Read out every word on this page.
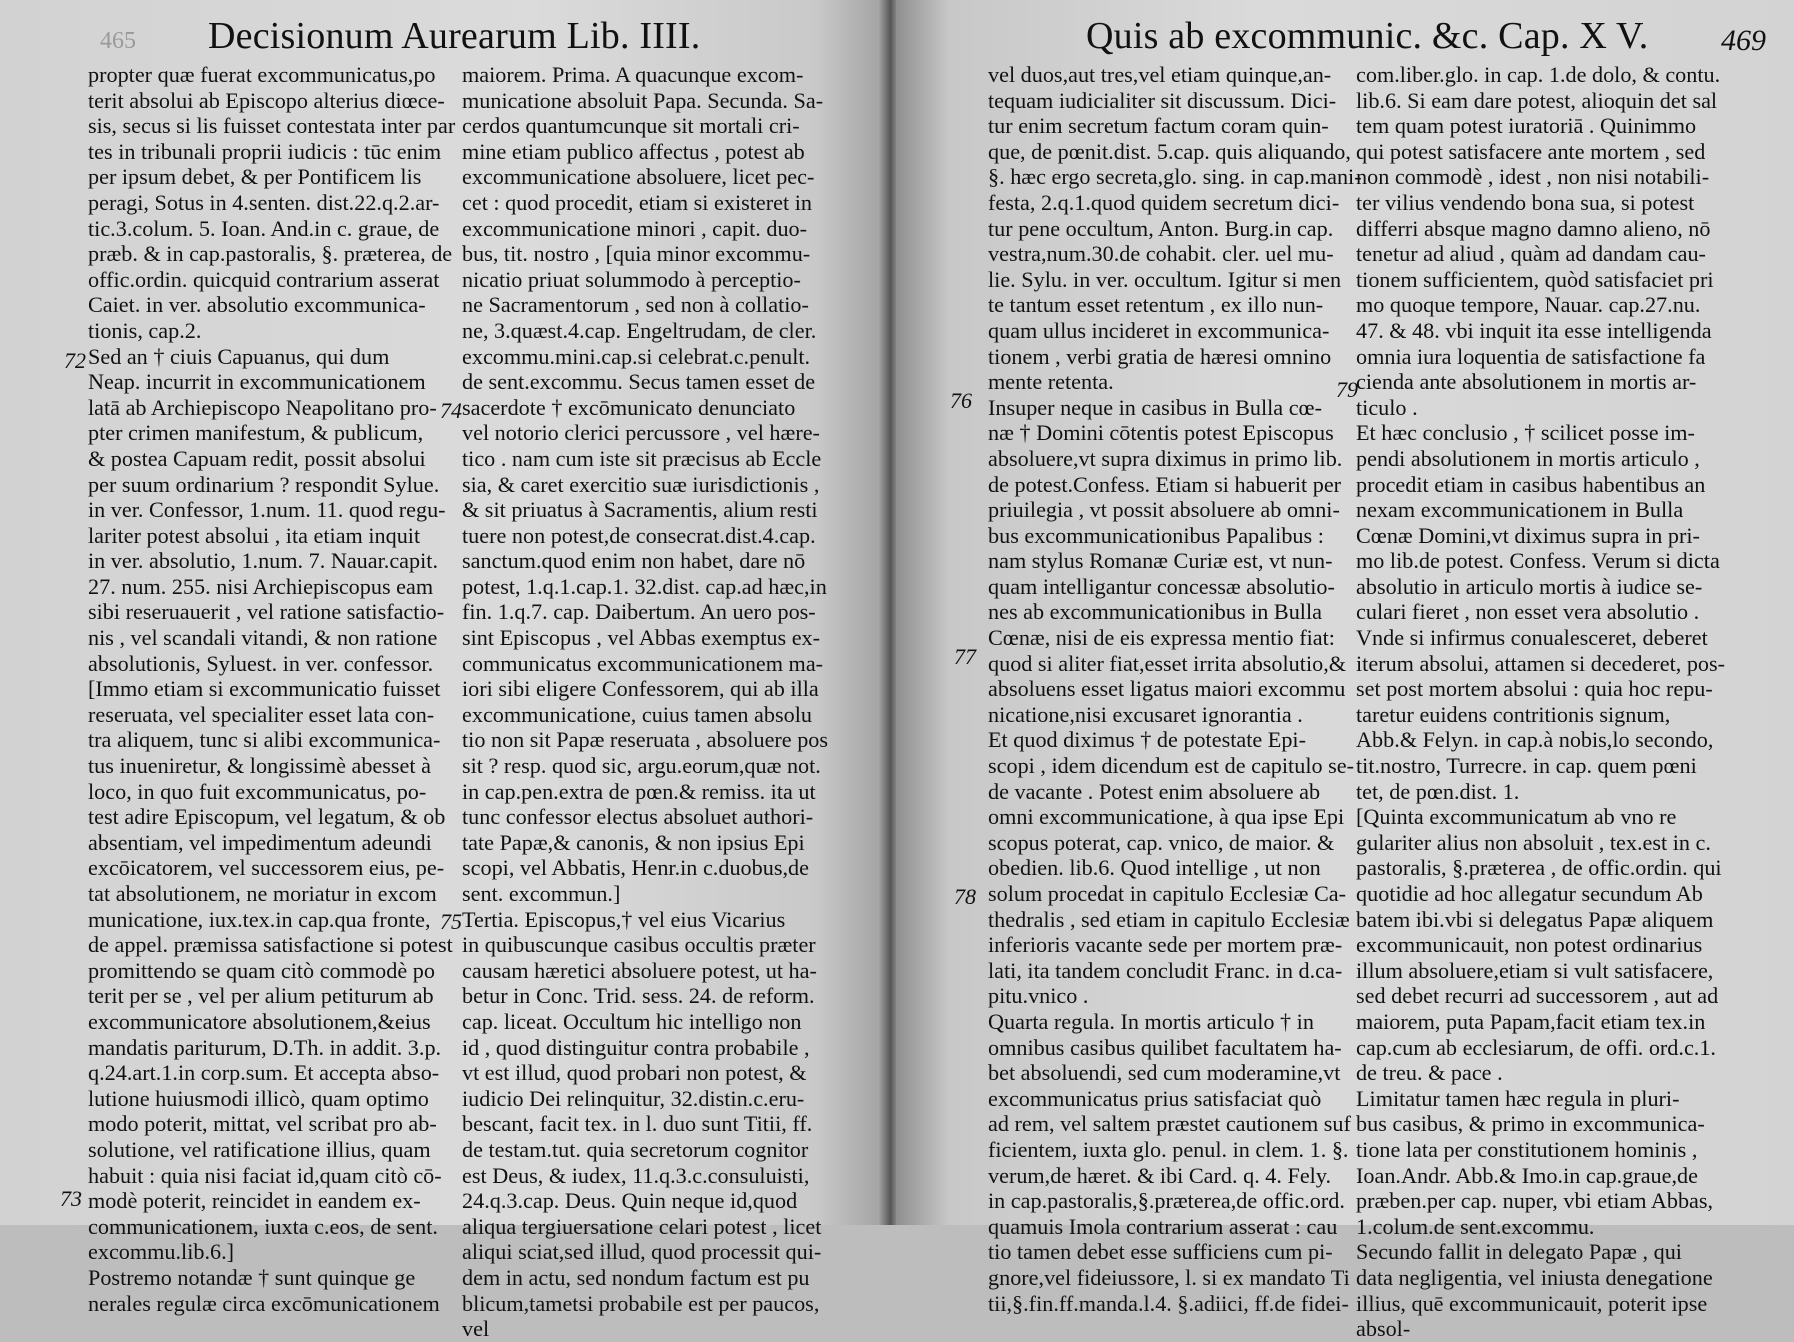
465 Decisionum Aurearum Lib. IIII.
propter quæ fuerat excommunicatus,po
terit absolui ab Episcopo alterius diœce-
sis, secus si lis fuisset contestata inter par
tes in tribunali proprii iudicis : tūc enim
per ipsum debet, & per Pontificem lis
peragi, Sotus in 4.senten. dist.22.q.2.ar-
tic.3.colum. 5. Ioan. And.in c. graue, de
præb. & in cap.pastoralis, §. præterea, de
offic.ordin. quicquid contrarium asserat
Caiet. in ver. absolutio excommunica-
tionis, cap.2.
Sed an † ciuis Capuanus, qui dum
Neap. incurrit in excommunicationem
latā ab Archiepiscopo Neapolitano pro-
pter crimen manifestum, & publicum,
& postea Capuam redit, possit absolui
per suum ordinarium ? respondit Sylue.
in ver. Confessor, 1.num. 11. quod regu-
lariter potest absolui , ita etiam inquit
in ver. absolutio, 1.num. 7. Nauar.capit.
27. num. 255. nisi Archiepiscopus eam
sibi reseruauerit , vel ratione satisfactio-
nis , vel scandali vitandi, & non ratione
absolutionis, Syluest. in ver. confessor.
[Immo etiam si excommunicatio fuisset
reseruata, vel specialiter esset lata con-
tra aliquem, tunc si alibi excommunica-
tus inueniretur, & longissimè abesset à
loco, in quo fuit excommunicatus, po-
test adire Episcopum, vel legatum, & ob
absentiam, vel impedimentum adeundi
excōicatorem, vel successorem eius, pe-
tat absolutionem, ne moriatur in excom
municatione, iux.tex.in cap.qua fronte,
de appel. præmissa satisfactione si potest
promittendo se quam citò commodè po
terit per se , vel per alium petiturum ab
excommunicatore absolutionem,&eius
mandatis pariturum, D.Th. in addit. 3.p.
q.24.art.1.in corp.sum. Et accepta abso-
lutione huiusmodi illicò, quam optimo
modo poterit, mittat, vel scribat pro ab-
solutione, vel ratificatione illius, quam
habuit : quia nisi faciat id,quam citò cō-
modè poterit, reincidet in eandem ex-
communicationem, iuxta c.eos, de sent.
excommu.lib.6.]
Postremo notandæ † sunt quinque ge
nerales regulæ circa excōmunicationem
maiorem. Prima. A quacunque excom-
municatione absoluit Papa. Secunda. Sa-
cerdos quantumcunque sit mortali cri-
mine etiam publico affectus , potest ab
excommunicatione absoluere, licet pec-
cet : quod procedit, etiam si existeret in
excommunicatione minori , capit. duo-
bus, tit. nostro , [quia minor excommu-
nicatio priuat solummodo à perceptio-
ne Sacramentorum , sed non à collatio-
ne, 3.quæst.4.cap. Engeltrudam, de cler.
excommu.mini.cap.si celebrat.c.penult.
de sent.excommu. Secus tamen esset de
sacerdote † excōmunicato denunciato
vel notorio clerici percussore , vel hære-
tico . nam cum iste sit præcisus ab Eccle
sia, & caret exercitio suæ iurisdictionis ,
& sit priuatus à Sacramentis, alium resti
tuere non potest,de consecrat.dist.4.cap.
sanctum.quod enim non habet, dare nō
potest, 1.q.1.cap.1. 32.dist. cap.ad hæc,in
fin. 1.q.7. cap. Daibertum. An uero pos-
sint Episcopus , vel Abbas exemptus ex-
communicatus excommunicationem ma-
iori sibi eligere Confessorem, qui ab illa
excommunicatione, cuius tamen absolu
tio non sit Papæ reseruata , absoluere pos
sit ? resp. quod sic, argu.eorum,quæ not.
in cap.pen.extra de pœn.& remiss. ita ut
tunc confessor electus absoluet authori-
tate Papæ,& canonis, & non ipsius Epi
scopi, vel Abbatis, Henr.in c.duobus,de
sent. excommun.]
Tertia. Episcopus,† vel eius Vicarius
in quibuscunque casibus occultis præter
causam hæretici absoluere potest, ut ha-
betur in Conc. Trid. sess. 24. de reform.
cap. liceat. Occultum hic intelligo non
id , quod distinguitur contra probabile ,
vt est illud, quod probari non potest, &
iudicio Dei relinquitur, 32.distin.c.eru-
bescant, facit tex. in l. duo sunt Titii, ff.
de testam.tut. quia secretorum cognitor
est Deus, & iudex, 11.q.3.c.consuluisti,
24.q.3.cap. Deus. Quin neque id,quod
aliqua tergiuersatione celari potest , licet
aliqui sciat,sed illud, quod processit qui-
dem in actu, sed nondum factum est pu
blicum,tametsi probabile est per paucos,
vel
72
73
74
75
Quis ab excommunic. &c. Cap. X V. 469
vel duos,aut tres,vel etiam quinque,an-
tequam iudicialiter sit discussum. Dici-
tur enim secretum factum coram quin-
que, de pœnit.dist. 5.cap. quis aliquando,
§. hæc ergo secreta,glo. sing. in cap.mani-
festa, 2.q.1.quod quidem secretum dici-
tur pene occultum, Anton. Burg.in cap.
vestra,num.30.de cohabit. cler. uel mu-
lie. Sylu. in ver. occultum. Igitur si men
te tantum esset retentum , ex illo nun-
quam ullus incideret in excommunica-
tionem , verbi gratia de hæresi omnino
mente retenta.
Insuper neque in casibus in Bulla cœ-
næ † Domini cōtentis potest Episcopus
absoluere,vt supra diximus in primo lib.
de potest.Confess. Etiam si habuerit per
priuilegia , vt possit absoluere ab omni-
bus excommunicationibus Papalibus :
nam stylus Romanæ Curiæ est, vt nun-
quam intelligantur concessæ absolutio-
nes ab excommunicationibus in Bulla
Cœnæ, nisi de eis expressa mentio fiat:
quod si aliter fiat,esset irrita absolutio,&
absoluens esset ligatus maiori excommu
nicatione,nisi excusaret ignorantia .
Et quod diximus † de potestate Epi-
scopi , idem dicendum est de capitulo se-
de vacante . Potest enim absoluere ab
omni excommunicatione, à qua ipse Epi
scopus poterat, cap. vnico, de maior. &
obedien. lib.6. Quod intellige , ut non
solum procedat in capitulo Ecclesiæ Ca-
thedralis , sed etiam in capitulo Ecclesiæ
inferioris vacante sede per mortem præ-
lati, ita tandem concludit Franc. in d.ca-
pitu.vnico .
Quarta regula. In mortis articulo † in
omnibus casibus quilibet facultatem ha-
bet absoluendi, sed cum moderamine,vt
excommunicatus prius satisfaciat quò
ad rem, vel saltem præstet cautionem suf
ficientem, iuxta glo. penul. in clem. 1. §.
verum,de hæret. & ibi Card. q. 4. Fely.
in cap.pastoralis,§.præterea,de offic.ord.
quamuis Imola contrarium asserat : cau
tio tamen debet esse sufficiens cum pi-
gnore,vel fideiussore, l. si ex mandato Ti
tii,§.fin.ff.manda.l.4. §.adiici, ff.de fidei-
com.liber.glo. in cap. 1.de dolo, & contu.
lib.6. Si eam dare potest, alioquin det sal
tem quam potest iuratoriā . Quinimmo
qui potest satisfacere ante mortem , sed
non commodè , idest , non nisi notabili-
ter vilius vendendo bona sua, si potest
differri absque magno damno alieno, nō
tenetur ad aliud , quàm ad dandam cau-
tionem sufficientem, quòd satisfaciet pri
mo quoque tempore, Nauar. cap.27.nu.
47. & 48. vbi inquit ita esse intelligenda
omnia iura loquentia de satisfactione fa
cienda ante absolutionem in mortis ar-
ticulo .
Et hæc conclusio , † scilicet posse im-
pendi absolutionem in mortis articulo ,
procedit etiam in casibus habentibus an
nexam excommunicationem in Bulla
Cœnæ Domini,vt diximus supra in pri-
mo lib.de potest. Confess. Verum si dicta
absolutio in articulo mortis à iudice se-
culari fieret , non esset vera absolutio .
Vnde si infirmus conualesceret, deberet
iterum absolui, attamen si decederet, pos-
set post mortem absolui : quia hoc repu-
taretur euidens contritionis signum,
Abb.& Felyn. in cap.à nobis,lo secondo,
tit.nostro, Turrecre. in cap. quem pœni
tet, de pœn.dist. 1.
[Quinta excommunicatum ab vno re
gulariter alius non absoluit , tex.est in c.
pastoralis, §.præterea , de offic.ordin. qui
quotidie ad hoc allegatur secundum Ab
batem ibi.vbi si delegatus Papæ aliquem
excommunicauit, non potest ordinarius
illum absoluere,etiam si vult satisfacere,
sed debet recurri ad successorem , aut ad
maiorem, puta Papam,facit etiam tex.in
cap.cum ab ecclesiarum, de offi. ord.c.1.
de treu. & pace .
Limitatur tamen hæc regula in pluri-
bus casibus, & primo in excommunica-
tione lata per constitutionem hominis ,
Ioan.Andr. Abb.& Imo.in cap.graue,de
præben.per cap. nuper, vbi etiam Abbas,
1.colum.de sent.excommu.
Secundo fallit in delegato Papæ , qui
data negligentia, vel iniusta denegatione
illius, quē excommunicauit, poterit ipse
absol-
76
77
78
79
